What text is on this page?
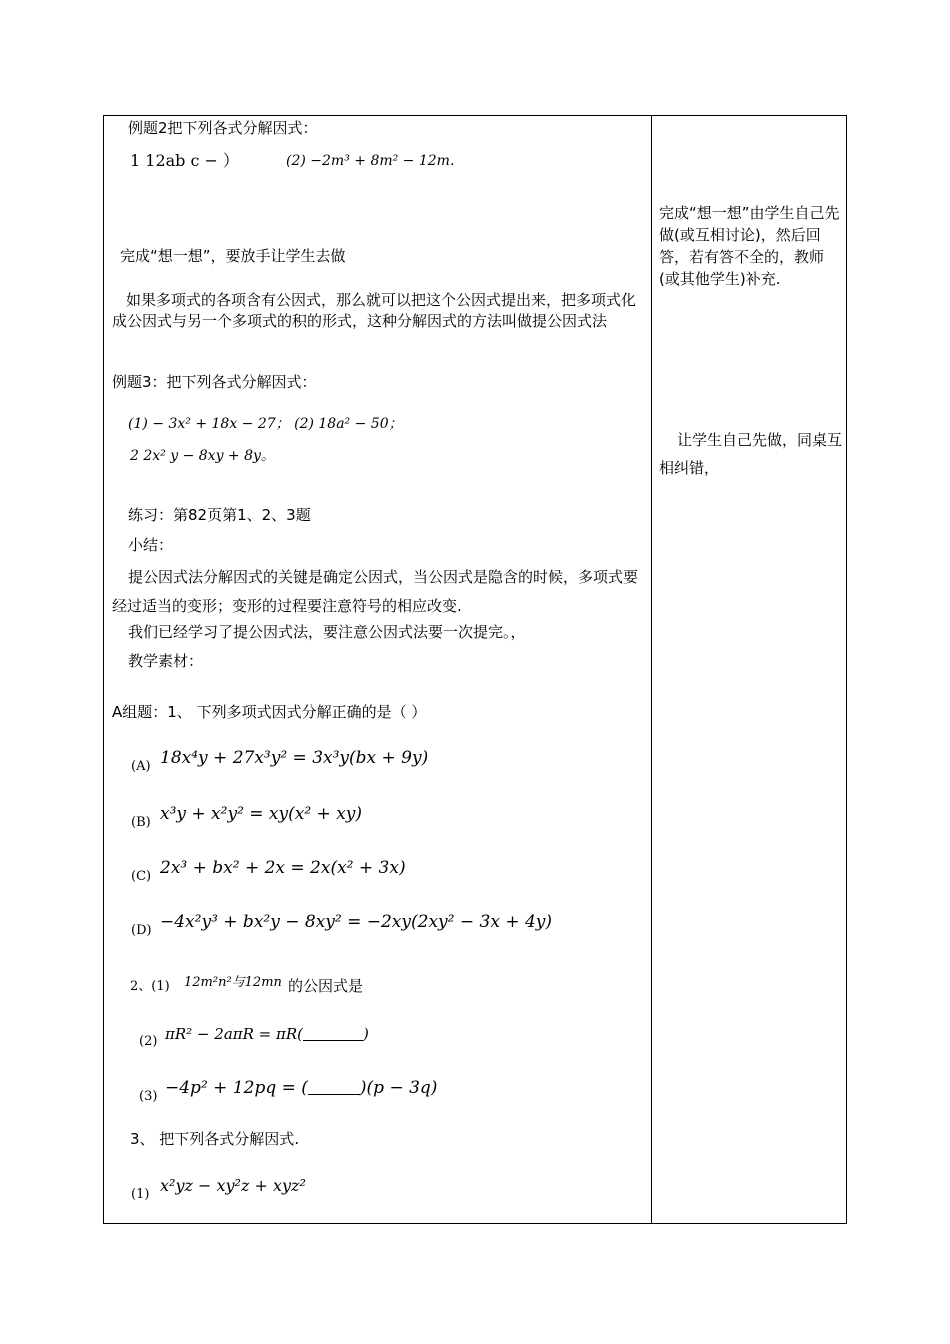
例题2把下列各式分解因式：
1 12ab c − ）	(2) −2m³ + 8m² − 12m.
完成“想一想”，要放手让学生去做
如果多项式的各项含有公因式，那么就可以把这个公因式提出来，把多项式化成公因式与另一个多项式的积的形式，这种分解因式的方法叫做提公因式法
例题3：把下列各式分解因式：
(1) − 3x² + 18x − 27； (2) 18a² − 50；
2 2x² y − 8xy + 8y。
练习：第82页第1、2、3题
小结：
提公因式法分解因式的关键是确定公因式，当公因式是隐含的时候，多项式要经过适当的变形；变形的过程要注意符号的相应改变.
我们已经学习了提公因式法，要注意公因式法要一次提完。，
教学素材：
A组题：1、 下列多项式因式分解正确的是（ ）
(A) 18x⁴y + 27x³y² = 3x³y(bx + 9y)
(B) x³y + x²y² = xy(x² + xy)
(C) 2x³ + bx² + 2x = 2x(x² + 3x)
(D) −4x²y³ + bx²y − 8xy² = −2xy(2xy² − 3x + 4y)
2、(1) 12m²n²与12mn 的公因式是
(2) πR² − 2aπR = πR(	)
(3) −4p² + 12pq = (	)(p − 3q)
3、 把下列各式分解因式.
(1) x²yz − xy²z + xyz²
完成“想一想”由学生自己先做(或互相讨论)，然后回答，若有答不全的，教师(或其他学生)补充.
让学生自己先做，同桌互相纠错，
